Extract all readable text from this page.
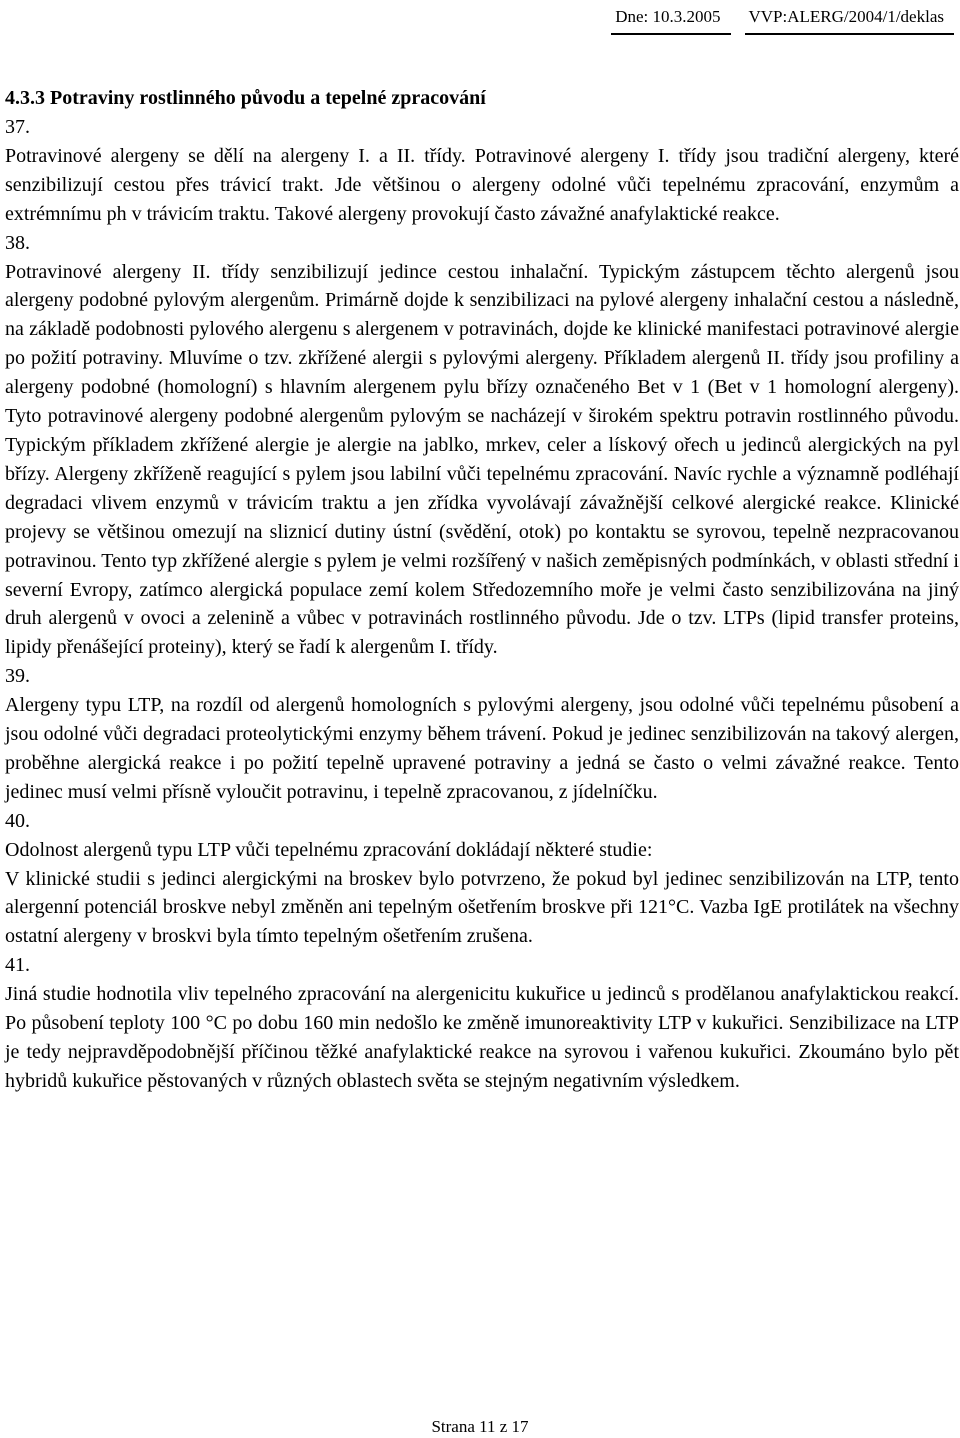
Dne: 10.3.2005	VVP:ALERG/2004/1/deklas
4.3.3 Potraviny rostlinného původu a tepelné zpracování
37.

Potravinové alergeny se dělí na alergeny I. a II. třídy. Potravinové alergeny I. třídy jsou tradiční alergeny, které senzibilizují cestou přes trávicí trakt. Jde většinou o alergeny odolné vůči tepelnému zpracování, enzymům a extrémnímu ph v trávicím traktu. Takové alergeny provokují často závažné anafylaktické reakce.

38.

Potravinové alergeny II. třídy senzibilizují jedince cestou inhalační. Typickým zástupcem těchto alergenů jsou alergeny podobné pylovým alergenům. Primárně dojde k senzibilizaci na pylové alergeny inhalační cestou a následně, na základě podobnosti pylového alergenu s alergenem v potravinách, dojde ke klinické manifestaci potravinové alergie po požití potraviny. Mluvíme o tzv. zkřížené alergii s pylovými alergeny. Příkladem alergenů II. třídy jsou profiliny a alergeny podobné (homologní) s hlavním alergenem pylu břízy označeného Bet v 1 (Bet v 1 homologní alergeny). Tyto potravinové alergeny podobné alergenům pylovým se nacházejí v širokém spektru potravin rostlinného původu. Typickým příkladem zkřížené alergie je alergie na jablko, mrkev, celer a lískový ořech u jedinců alergických na pyl břízy. Alergeny zkříženě reagující s pylem jsou labilní vůči tepelnému zpracování. Navíc rychle a významně podléhají degradaci vlivem enzymů v trávicím traktu a jen zřídka vyvolávají závažnější celkové alergické reakce. Klinické projevy se většinou omezují na sliznicí dutiny ústní (svědění, otok) po kontaktu se syrovou, tepelně nezpracovanou potravinou. Tento typ zkřížené alergie s pylem je velmi rozšířený v našich zeměpisných podmínkách, v oblasti střední i severní Evropy, zatímco alergická populace zemí kolem Středozemního moře je velmi často senzibilizována na jiný druh alergenů v ovoci a zelenině a vůbec v potravinách rostlinného původu. Jde o tzv. LTPs (lipid transfer proteins, lipidy přenášející proteiny), který se řadí k alergenům I. třídy.

39.

Alergeny typu LTP, na rozdíl od alergenů homologních s pylovými alergeny, jsou odolné vůči tepelnému působení a jsou odolné vůči degradaci proteolytickými enzymy během trávení. Pokud je jedinec senzibilizován na takový alergen, proběhne alergická reakce i po požití tepelně upravené potraviny a jedná se často o velmi závažné reakce. Tento jedinec musí velmi přísně vyloučit potravinu, i tepelně zpracovanou, z jídelníčku.

40.

Odolnost alergenů typu LTP vůči tepelnému zpracování dokládají některé studie:

V klinické studii s jedinci alergickými na broskev bylo potvrzeno, že pokud byl jedinec senzibilizován na LTP, tento alergenní potenciál broskve nebyl změněn ani tepelným ošetřením broskve při 121°C. Vazba IgE protilátek na všechny ostatní alergeny v broskvi byla tímto tepelným ošetřením zrušena.

41.

Jiná studie hodnotila vliv tepelného zpracování na alergenicitu kukuřice u jedinců s prodělanou anafylaktickou reakcí. Po působení teploty 100 °C po dobu 160 min nedošlo ke změně imunoreaktivity LTP v kukuřici. Senzibilizace na LTP je tedy nejpravděpodobnější příčinou těžké anafylaktické reakce na syrovou i vařenou kukuřici. Zkoumáno bylo pět hybridů kukuřice pěstovaných v různých oblastech světa se stejným negativním výsledkem.

Strana 11 z 17
